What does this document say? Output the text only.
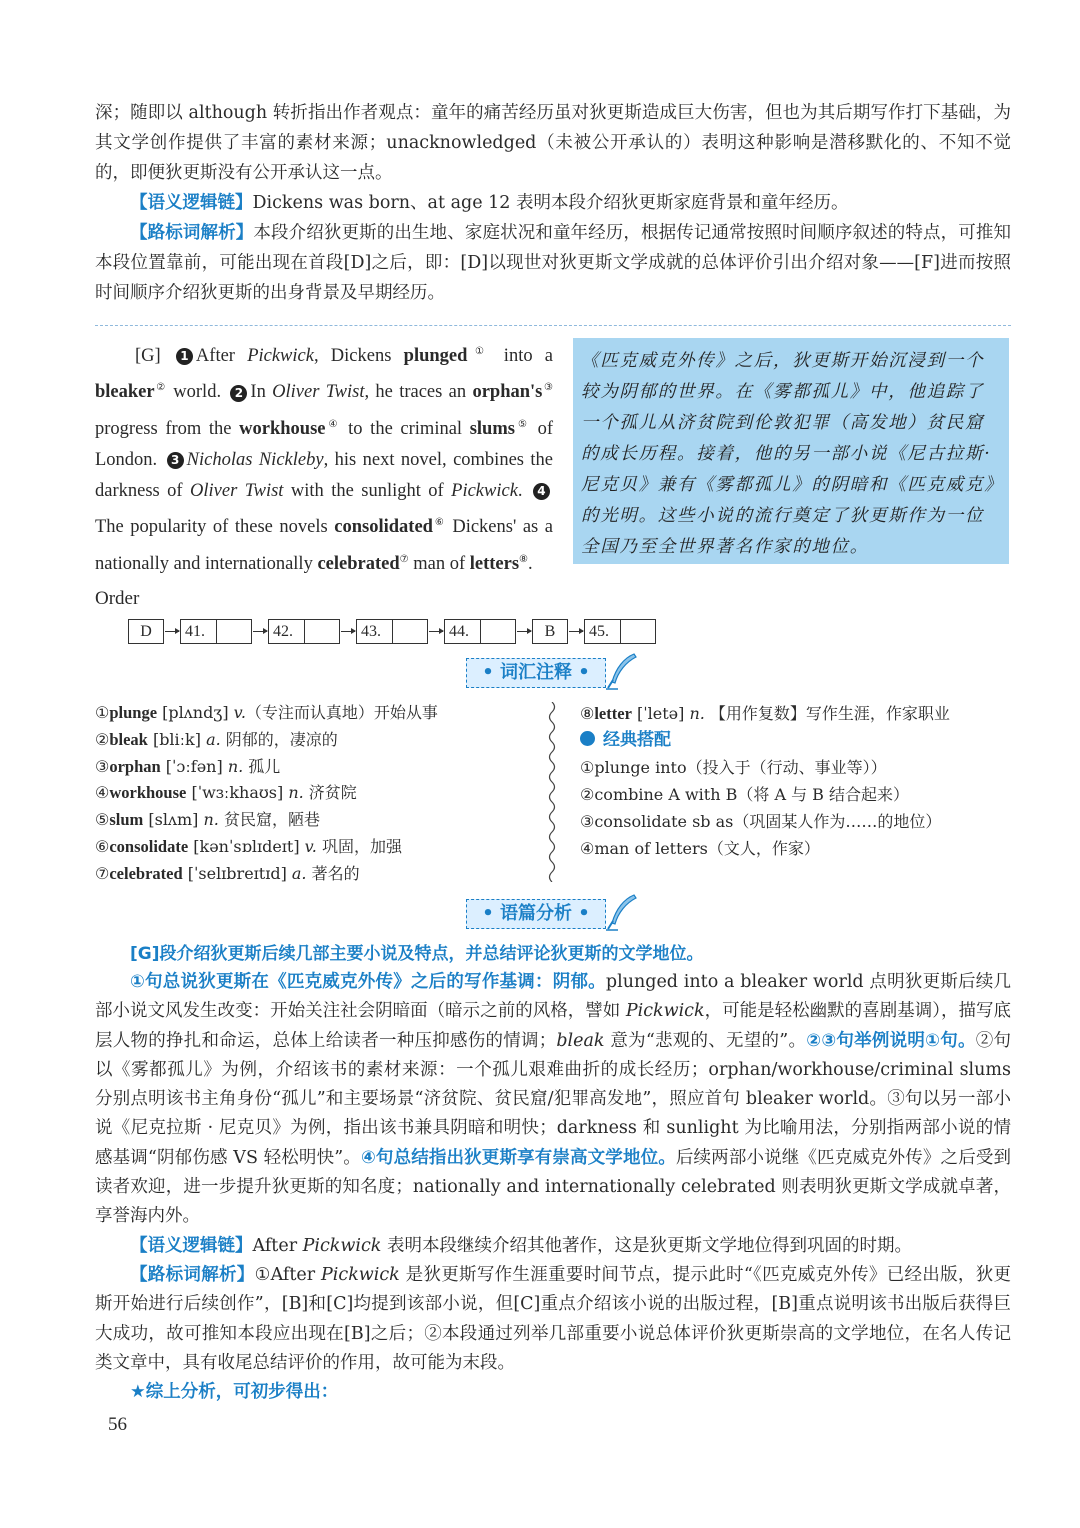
深；随即以 although 转折指出作者观点：童年的痛苦经历虽对狄更斯造成巨大伤害，但也为其后期写作打下基础，为其文学创作提供了丰富的素材来源；unacknowledged（未被公开承认的）表明这种影响是潜移默化的、不知不觉的，即便狄更斯没有公开承认这一点。

【语义逻辑链】Dickens was born、at age 12 表明本段介绍狄更斯家庭背景和童年经历。

【路标词解析】本段介绍狄更斯的出生地、家庭状况和童年经历，根据传记通常按照时间顺序叙述的特点，可推知本段位置靠前，可能出现在首段[D]之后，即：[D]以现世对狄更斯文学成就的总体评价引出介绍对象——[F]进而按照时间顺序介绍狄更斯的出身背景及早期经历。

[G] 1 After Pickwick, Dickens plunged① into a bleaker② world. 2 In Oliver Twist, he traces an orphan's③ progress from the workhouse④ to the criminal slums⑤ of London. 3 Nicholas Nickleby, his next novel, combines the darkness of Oliver Twist with the sunlight of Pickwick. 4The popularity of these novels consolidated⑥ Dickens' as a nationally and internationally celebrated⑦ man of letters⑧.
《匹克威克外传》之后，狄更斯开始沉浸到一个较为阴郁的世界。在《雾都孤儿》中，他追踪了一个孤儿从济贫院到伦敦犯罪（高发地）贫民窟的成长历程。接着，他的另一部小说《尼古拉斯·尼克贝》兼有《雾都孤儿》的阴暗和《匹克威克》的光明。这些小说的流行奠定了狄更斯作为一位全国乃至全世界著名作家的地位。
Order
D	41.	42.	43.	44.	B	45.
• 词汇注释 •
①plunge [plʌndʒ] v.（专注而认真地）开始从事
②bleak [bliːk] a. 阴郁的，凄凉的
③orphan [ˈɔːfən] n. 孤儿
④workhouse [ˈwɜːkhaʊs] n. 济贫院
⑤slum [slʌm] n. 贫民窟，陋巷
⑥consolidate [kənˈsɒlɪdeɪt] v. 巩固，加强
⑦celebrated [ˈselɪbreɪtɪd] a. 著名的
⑧letter [ˈletə] n. 【用作复数】写作生涯，作家职业
经典搭配
①plunge into（投入于（行动、事业等））
②combine A with B（将 A 与 B 结合起来）
③consolidate sb as（巩固某人作为……的地位）
④man of letters（文人，作家）
• 语篇分析 •

[G]段介绍狄更斯后续几部主要小说及特点，并总结评论狄更斯的文学地位。

①句总说狄更斯在《匹克威克外传》之后的写作基调：阴郁。plunged into a bleaker world 点明狄更斯后续几部小说文风发生改变：开始关注社会阴暗面（暗示之前的风格，譬如 Pickwick，可能是轻松幽默的喜剧基调），描写底层人物的挣扎和命运，总体上给读者一种压抑感伤的情调；bleak 意为“悲观的、无望的”。②③句举例说明①句。②句以《雾都孤儿》为例，介绍该书的素材来源：一个孤儿艰难曲折的成长经历；orphan/workhouse/criminal slums 分别点明该书主角身份“孤儿”和主要场景“济贫院、贫民窟/犯罪高发地”，照应首句 bleaker world。③句以另一部小说《尼克拉斯 · 尼克贝》为例，指出该书兼具阴暗和明快；darkness 和 sunlight 为比喻用法，分别指两部小说的情感基调“阴郁伤感 VS 轻松明快”。④句总结指出狄更斯享有崇高文学地位。后续两部小说继《匹克威克外传》之后受到读者欢迎，进一步提升狄更斯的知名度；nationally and internationally celebrated 则表明狄更斯文学成就卓著，享誉海内外。

【语义逻辑链】After Pickwick 表明本段继续介绍其他著作，这是狄更斯文学地位得到巩固的时期。

【路标词解析】①After Pickwick 是狄更斯写作生涯重要时间节点，提示此时“《匹克威克外传》已经出版，狄更斯开始进行后续创作”，[B]和[C]均提到该部小说，但[C]重点介绍该小说的出版过程，[B]重点说明该书出版后获得巨大成功，故可推知本段应出现在[B]之后；②本段通过列举几部重要小说总体评价狄更斯崇高的文学地位，在名人传记类文章中，具有收尾总结评价的作用，故可能为末段。

★综上分析，可初步得出：

56
